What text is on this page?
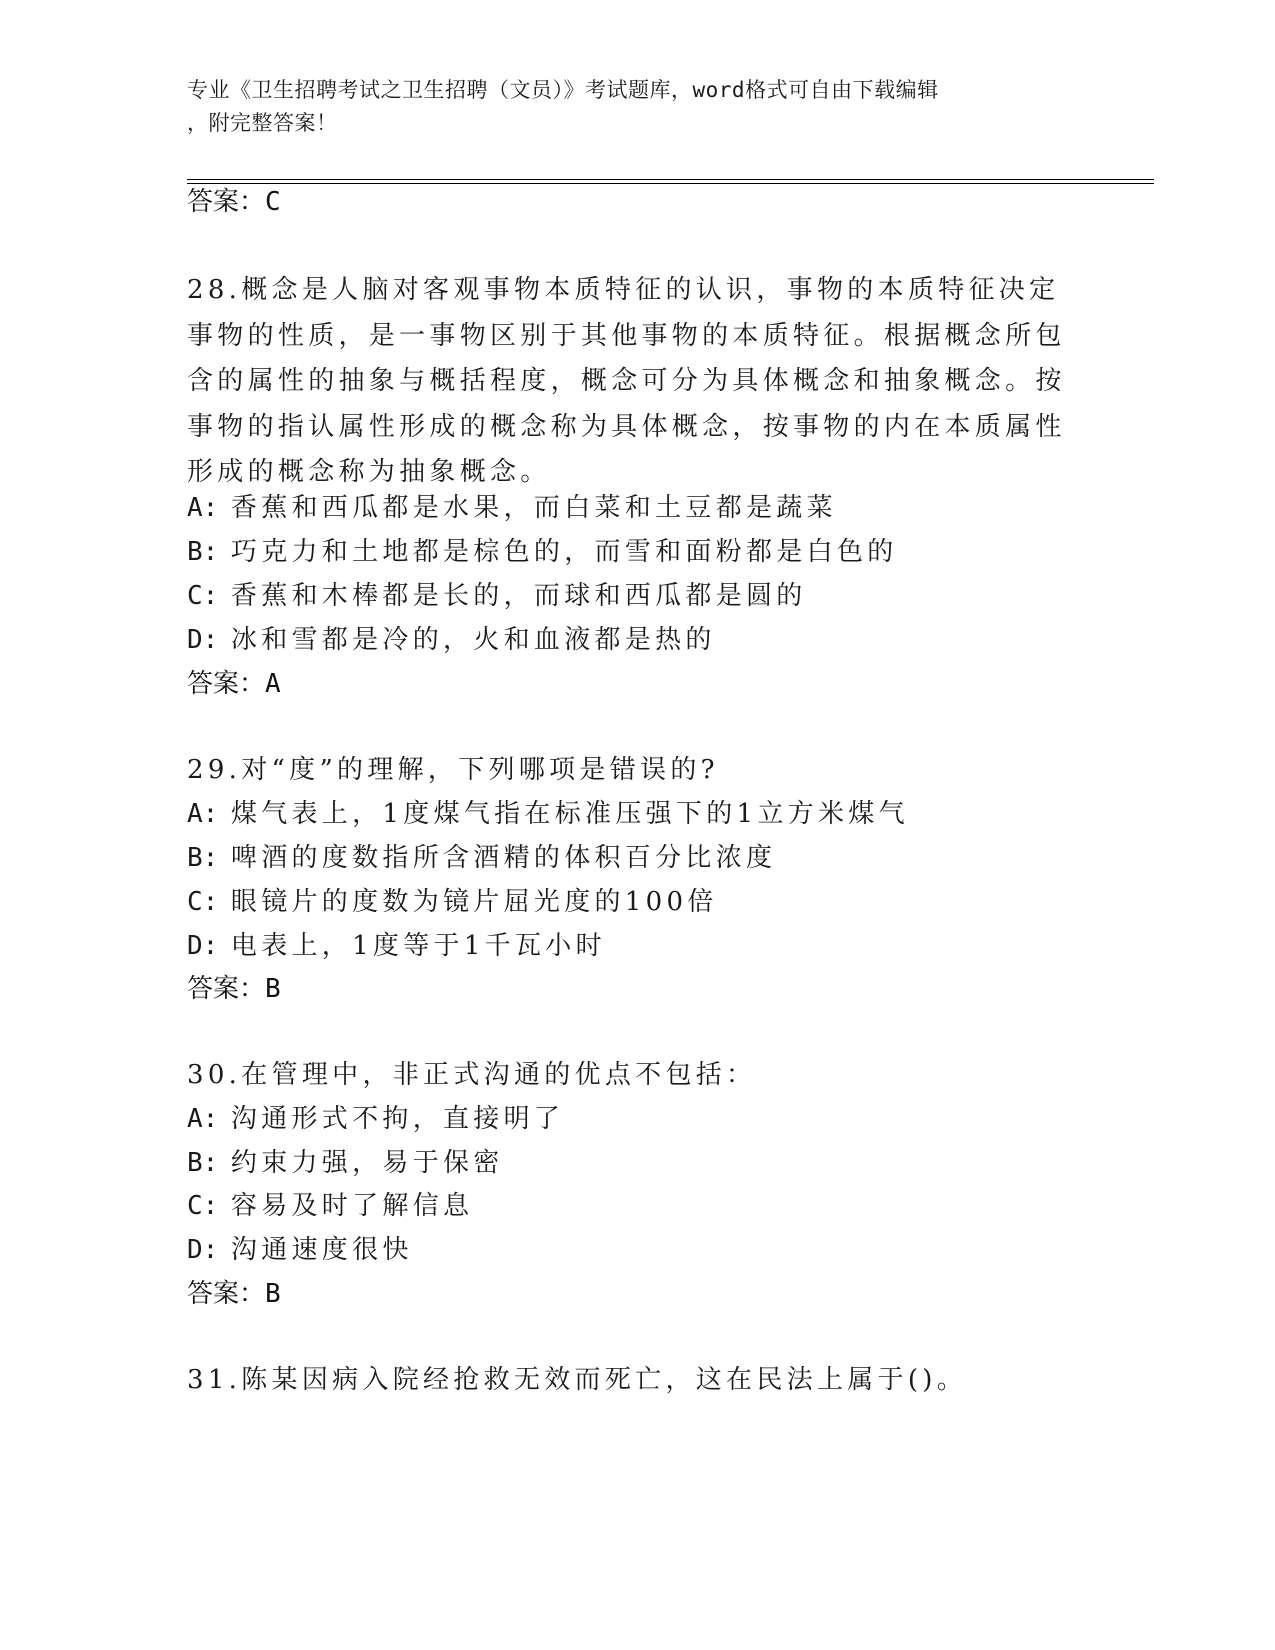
专业《卫生招聘考试之卫生招聘（文员）》考试题库，word格式可自由下载编辑
，附完整答案！
答案：C
28.概念是人脑对客观事物本质特征的认识，事物的本质特征决定事物的性质，是一事物区别于其他事物的本质特征。根据概念所包含的属性的抽象与概括程度，概念可分为具体概念和抽象概念。按事物的指认属性形成的概念称为具体概念，按事物的内在本质属性形成的概念称为抽象概念。
A: 香蕉和西瓜都是水果，而白菜和土豆都是蔬菜
B: 巧克力和土地都是棕色的，而雪和面粉都是白色的
C: 香蕉和木棒都是长的，而球和西瓜都是圆的
D: 冰和雪都是冷的，火和血液都是热的
答案：A
29.对“度”的理解，下列哪项是错误的?
A: 煤气表上，1度煤气指在标准压强下的1立方米煤气
B: 啤酒的度数指所含酒精的体积百分比浓度
C: 眼镜片的度数为镜片屈光度的100倍
D: 电表上，1度等于1千瓦小时
答案：B
30.在管理中，非正式沟通的优点不包括：
A: 沟通形式不拘，直接明了
B: 约束力强，易于保密
C: 容易及时了解信息
D: 沟通速度很快
答案：B
31.陈某因病入院经抢救无效而死亡，这在民法上属于()。
